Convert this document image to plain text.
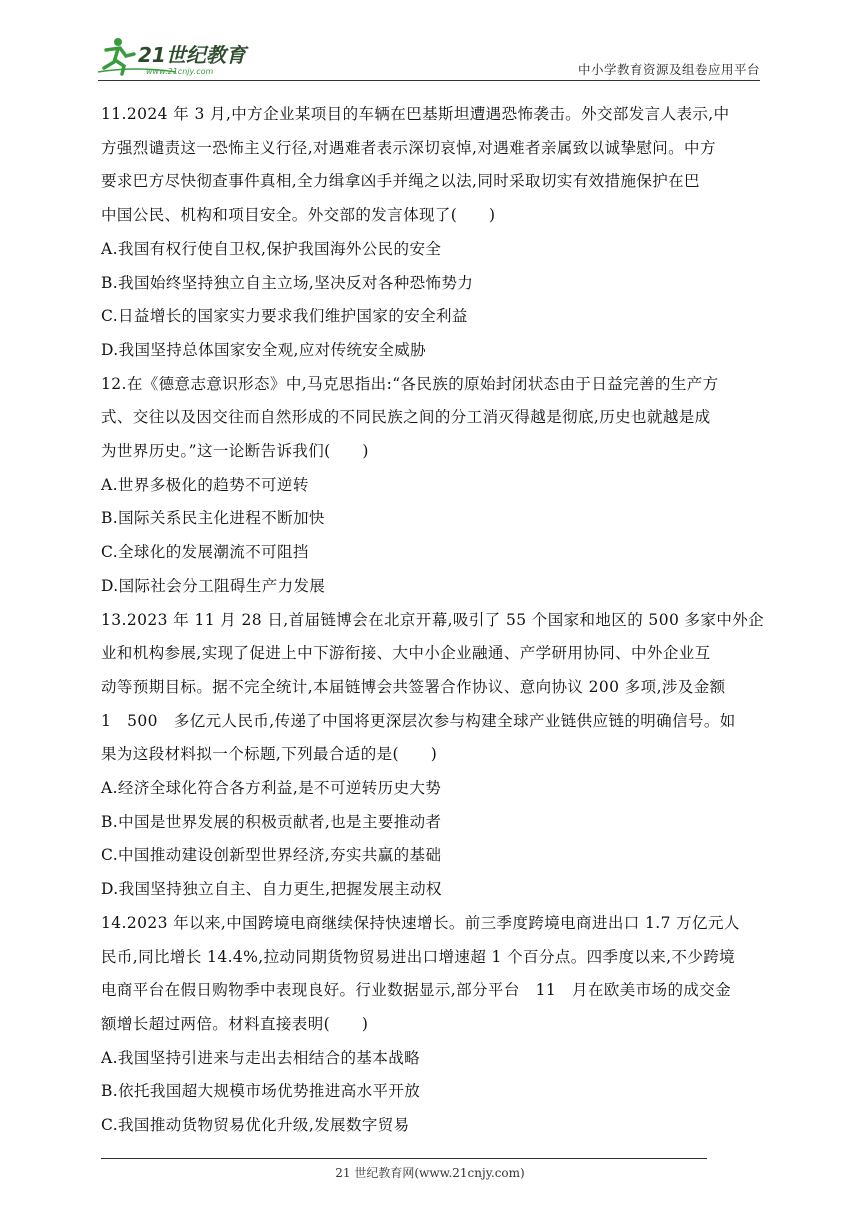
21世纪教育
www.21cnjy.com	中小学教育资源及组卷应用平台

11.2024 年 3 月,中方企业某项目的车辆在巴基斯坦遭遇恐怖袭击。外交部发言人表示,中

方强烈谴责这一恐怖主义行径,对遇难者表示深切哀悼,对遇难者亲属致以诚挚慰问。中方

要求巴方尽快彻查事件真相,全力缉拿凶手并绳之以法,同时采取切实有效措施保护在巴

中国公民、机构和项目安全。外交部的发言体现了(　　)

A.我国有权行使自卫权,保护我国海外公民的安全

B.我国始终坚持独立自主立场,坚决反对各种恐怖势力

C.日益增长的国家实力要求我们维护国家的安全利益

D.我国坚持总体国家安全观,应对传统安全威胁

12.在《德意志意识形态》中,马克思指出:“各民族的原始封闭状态由于日益完善的生产方

式、交往以及因交往而自然形成的不同民族之间的分工消灭得越是彻底,历史也就越是成

为世界历史。”这一论断告诉我们(　　)

A.世界多极化的趋势不可逆转

B.国际关系民主化进程不断加快

C.全球化的发展潮流不可阻挡

D.国际社会分工阻碍生产力发展

13.2023 年 11 月 28 日,首届链博会在北京开幕,吸引了 55 个国家和地区的 500 多家中外企

业和机构参展,实现了促进上中下游衔接、大中小企业融通、产学研用协同、中外企业互

动等预期目标。据不完全统计,本届链博会共签署合作协议、意向协议 200 多项,涉及金额

1　500　多亿元人民币,传递了中国将更深层次参与构建全球产业链供应链的明确信号。如

果为这段材料拟一个标题,下列最合适的是(　　)

A.经济全球化符合各方利益,是不可逆转历史大势

B.中国是世界发展的积极贡献者,也是主要推动者

C.中国推动建设创新型世界经济,夯实共赢的基础

D.我国坚持独立自主、自力更生,把握发展主动权

14.2023 年以来,中国跨境电商继续保持快速增长。前三季度跨境电商进出口 1.7 万亿元人

民币,同比增长 14.4%,拉动同期货物贸易进出口增速超 1 个百分点。四季度以来,不少跨境

电商平台在假日购物季中表现良好。行业数据显示,部分平台　11　月在欧美市场的成交金

额增长超过两倍。材料直接表明(　　)

A.我国坚持引进来与走出去相结合的基本战略

B.依托我国超大规模市场优势推进高水平开放

C.我国推动货物贸易优化升级,发展数字贸易

21 世纪教育网(www.21cnjy.com)
